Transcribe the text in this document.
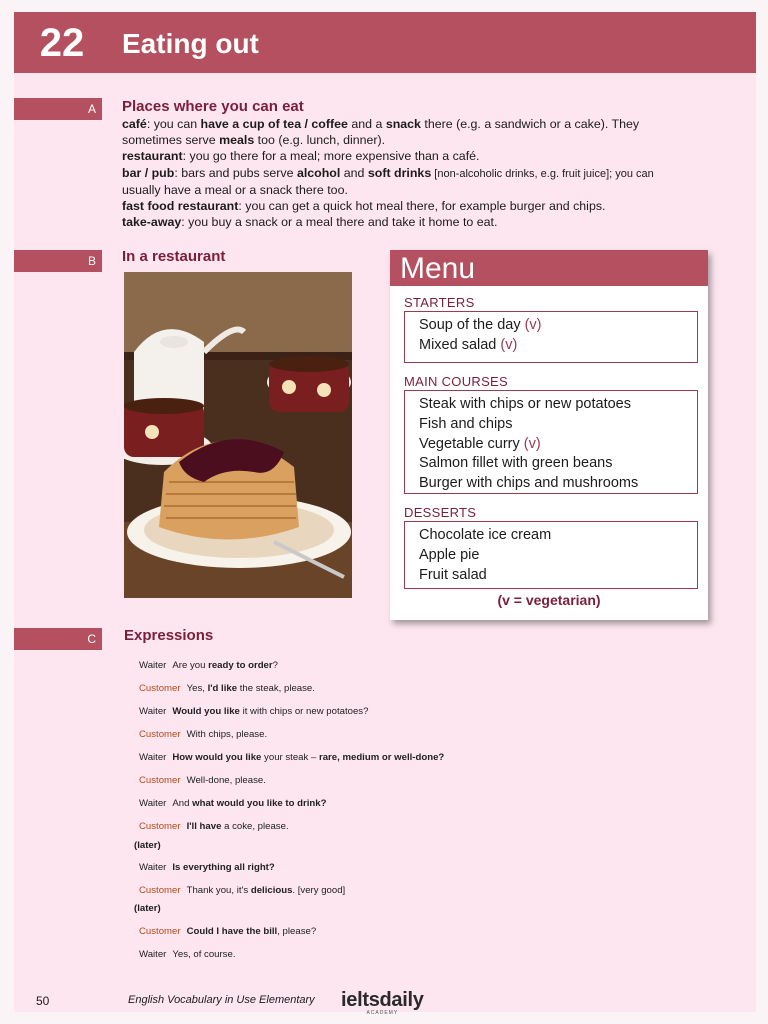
22	Eating out
A	Places where you can eat

café: you can have a cup of tea / coffee and a snack there (e.g. a sandwich or a cake). They

sometimes serve meals too (e.g. lunch, dinner).

restaurant: you go there for a meal; more expensive than a café.

bar / pub: bars and pubs serve alcohol and soft drinks [non-alcoholic drinks, e.g. fruit juice]; you can

usually have a meal or a snack there too.

fast food restaurant: you can get a quick hot meal there, for example burger and chips.

take-away: you buy a snack or a meal there and take it home to eat.

B	In a restaurant	Menu
STARTERS
Soup of the day (v)
Mixed salad (v)
MAIN COURSES
Steak with chips or new potatoes
Fish and chips
Vegetable curry (v)
Salmon fillet with green beans
Burger with chips and mushrooms
DESSERTS
Chocolate ice cream
Apple pie
Fruit salad
(v = vegetarian)
C	Expressions
Waiter Are you ready to order?
Customer Yes, I'd like the steak, please.
Waiter Would you like it with chips or new potatoes?
Customer With chips, please.
Waiter How would you like your steak – rare, medium or well-done?
Customer Well-done, please.
Waiter And what would you like to drink?
Customer I'll have a coke, please.
Waiter Is everything all right?
Customer Thank you, it's delicious. [very good]
Customer Could I have the bill, please?
Waiter Yes, of course.
(later)
(later)
50	English Vocabulary in Use Elementary ieltsdaily
ACADEMY
